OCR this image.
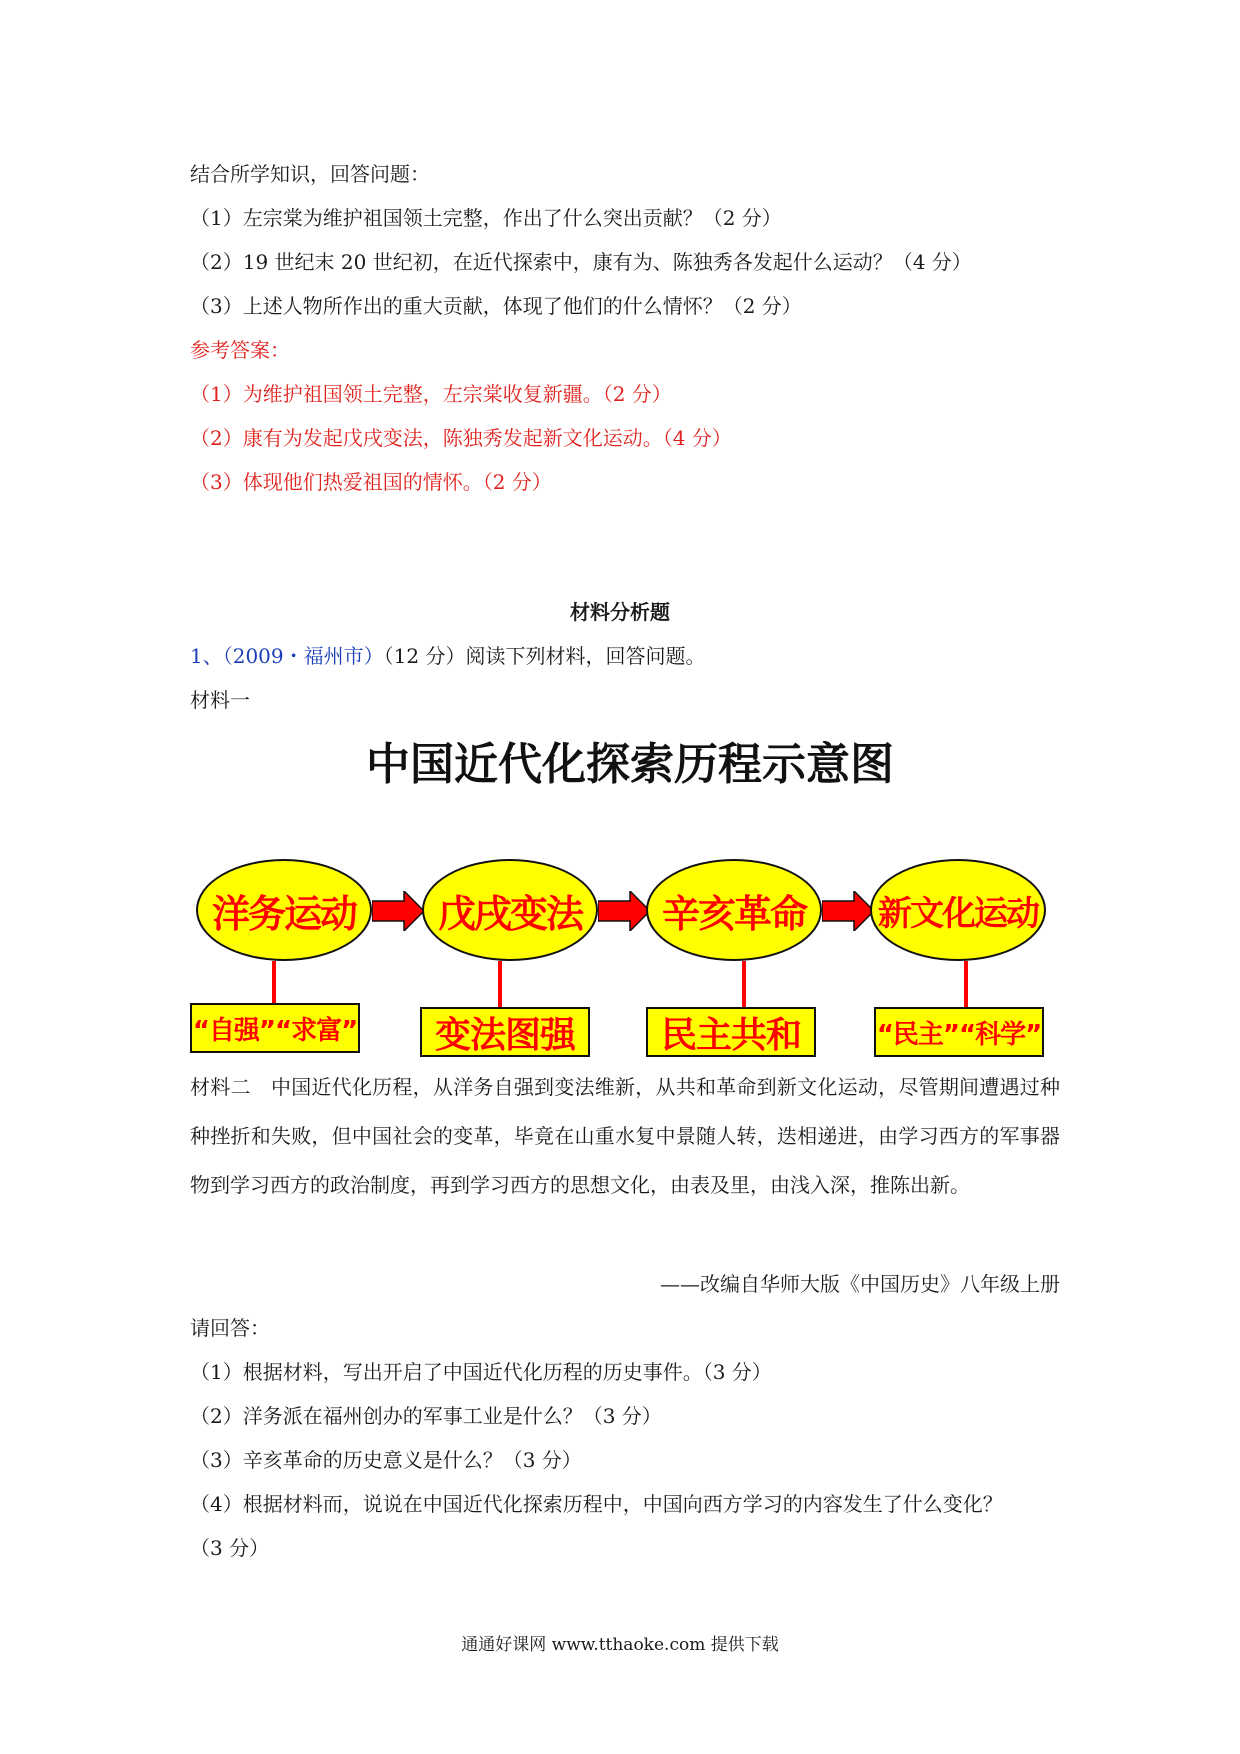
结合所学知识，回答问题：
（1）左宗棠为维护祖国领土完整，作出了什么突出贡献？（2 分）
（2）19 世纪末 20 世纪初，在近代探索中，康有为、陈独秀各发起什么运动？（4 分）
（3）上述人物所作出的重大贡献，体现了他们的什么情怀？（2 分）
参考答案：
（1）为维护祖国领土完整，左宗棠收复新疆。（2 分）
（2）康有为发起戊戌变法，陈独秀发起新文化运动。（4 分）
（3）体现他们热爱祖国的情怀。（2 分）
材料分析题
1、（2009・福州市）（12 分）阅读下列材料，回答问题。
材料一
中国近代化探索历程示意图
洋务运动	戊戌变法	辛亥革命	新文化运动
“自强”“求富”	变法图强	民主共和	“民主”“科学”
材料二 中国近代化历程，从洋务自强到变法维新，从共和革命到新文化运动，尽管期间遭遇过种种挫折和失败，但中国社会的变革，毕竟在山重水复中景随人转，迭相递进，由学习西方的军事器物到学习西方的政治制度，再到学习西方的思想文化，由表及里，由浅入深，推陈出新。
——改编自华师大版《中国历史》八年级上册
请回答：
（1）根据材料，写出开启了中国近代化历程的历史事件。（3 分）
（2）洋务派在福州创办的军事工业是什么？（3 分）
（3）辛亥革命的历史意义是什么？（3 分）
（4）根据材料而，说说在中国近代化探索历程中，中国向西方学习的内容发生了什么变化？
（3 分）
通通好课网 www.tthaoke.com 提供下载
